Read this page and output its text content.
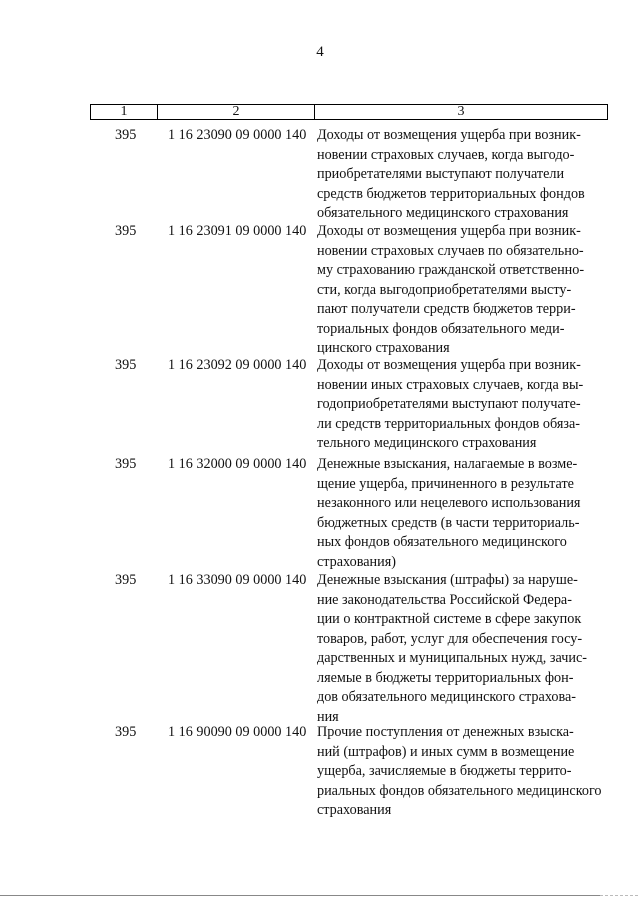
4
1	2	3
395 1 16 23090 09 0000 140 Доходы от возмещения ущерба при возник-
новении страховых случаев, когда выгодо-
приобретателями выступают получатели
средств бюджетов территориальных фондов
обязательного медицинского страхования
395 1 16 23091 09 0000 140 Доходы от возмещения ущерба при возник-
новении страховых случаев по обязательно-
му страхованию гражданской ответственно-
сти, когда выгодоприобретателями высту-
пают получатели средств бюджетов терри-
ториальных фондов обязательного меди-
цинского страхования
395 1 16 23092 09 0000 140 Доходы от возмещения ущерба при возник-
новении иных страховых случаев, когда вы-
годоприобретателями выступают получате-
ли средств территориальных фондов обяза-
тельного медицинского страхования
395 1 16 32000 09 0000 140 Денежные взыскания, налагаемые в возме-
щение ущерба, причиненного в результате
незаконного или нецелевого использования
бюджетных средств (в части территориаль-
ных фондов обязательного медицинского
страхования)
395 1 16 33090 09 0000 140 Денежные взыскания (штрафы) за наруше-
ние законодательства Российской Федера-
ции о контрактной системе в сфере закупок
товаров, работ, услуг для обеспечения госу-
дарственных и муниципальных нужд, зачис-
ляемые в бюджеты территориальных фон-
дов обязательного медицинского страхова-
ния
395 1 16 90090 09 0000 140 Прочие поступления от денежных взыска-
ний (штрафов) и иных сумм в возмещение
ущерба, зачисляемые в бюджеты террито-
риальных фондов обязательного медицинского
страхования
